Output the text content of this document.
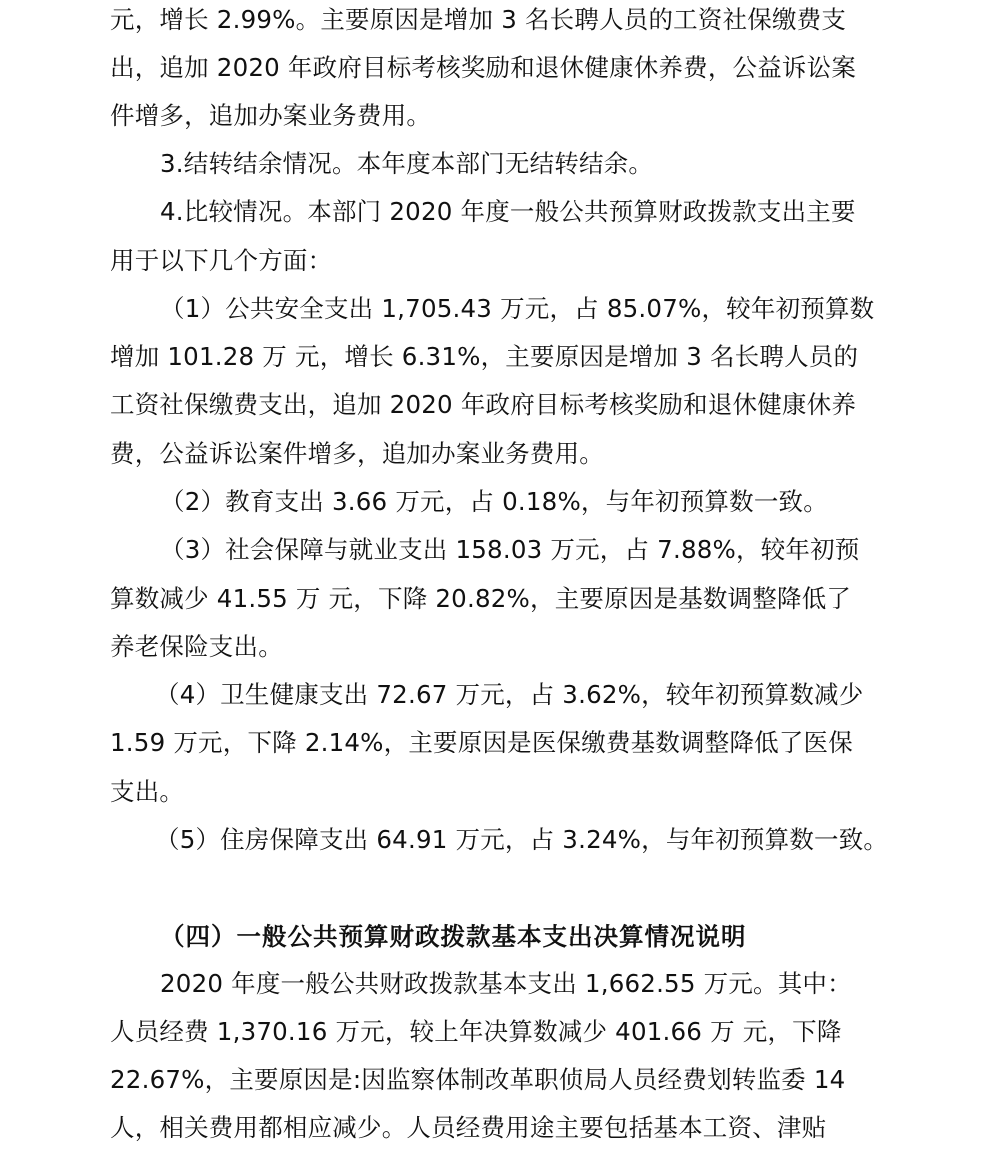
元，增长 2.99%。主要原因是增加 3 名长聘人员的工资社保缴费支
出，追加 2020 年政府目标考核奖励和退休健康休养费，公益诉讼案
件增多，追加办案业务费用。
3.结转结余情况。本年度本部门无结转结余。
4.比较情况。本部门 2020 年度一般公共预算财政拨款支出主要
用于以下几个方面：
（1）公共安全支出 1,705.43 万元，占 85.07%，较年初预算数
增加 101.28 万 元，增长 6.31%，主要原因是增加 3 名长聘人员的
工资社保缴费支出，追加 2020 年政府目标考核奖励和退休健康休养
费，公益诉讼案件增多，追加办案业务费用。
（2）教育支出 3.66 万元，占 0.18%，与年初预算数一致。
（3）社会保障与就业支出 158.03 万元，占 7.88%，较年初预
算数减少 41.55 万 元，下降 20.82%，主要原因是基数调整降低了
养老保险支出。
（4）卫生健康支出 72.67 万元，占 3.62%，较年初预算数减少
1.59 万元，下降 2.14%，主要原因是医保缴费基数调整降低了医保
支出。
（5）住房保障支出 64.91 万元，占 3.24%，与年初预算数一致。
（四）一般公共预算财政拨款基本支出决算情况说明
2020 年度一般公共财政拨款基本支出 1,662.55 万元。其中：
人员经费 1,370.16 万元，较上年决算数减少 401.66 万 元，下降
22.67%，主要原因是:因监察体制改革职侦局人员经费划转监委 14
人，相关费用都相应减少。人员经费用途主要包括基本工资、津贴
